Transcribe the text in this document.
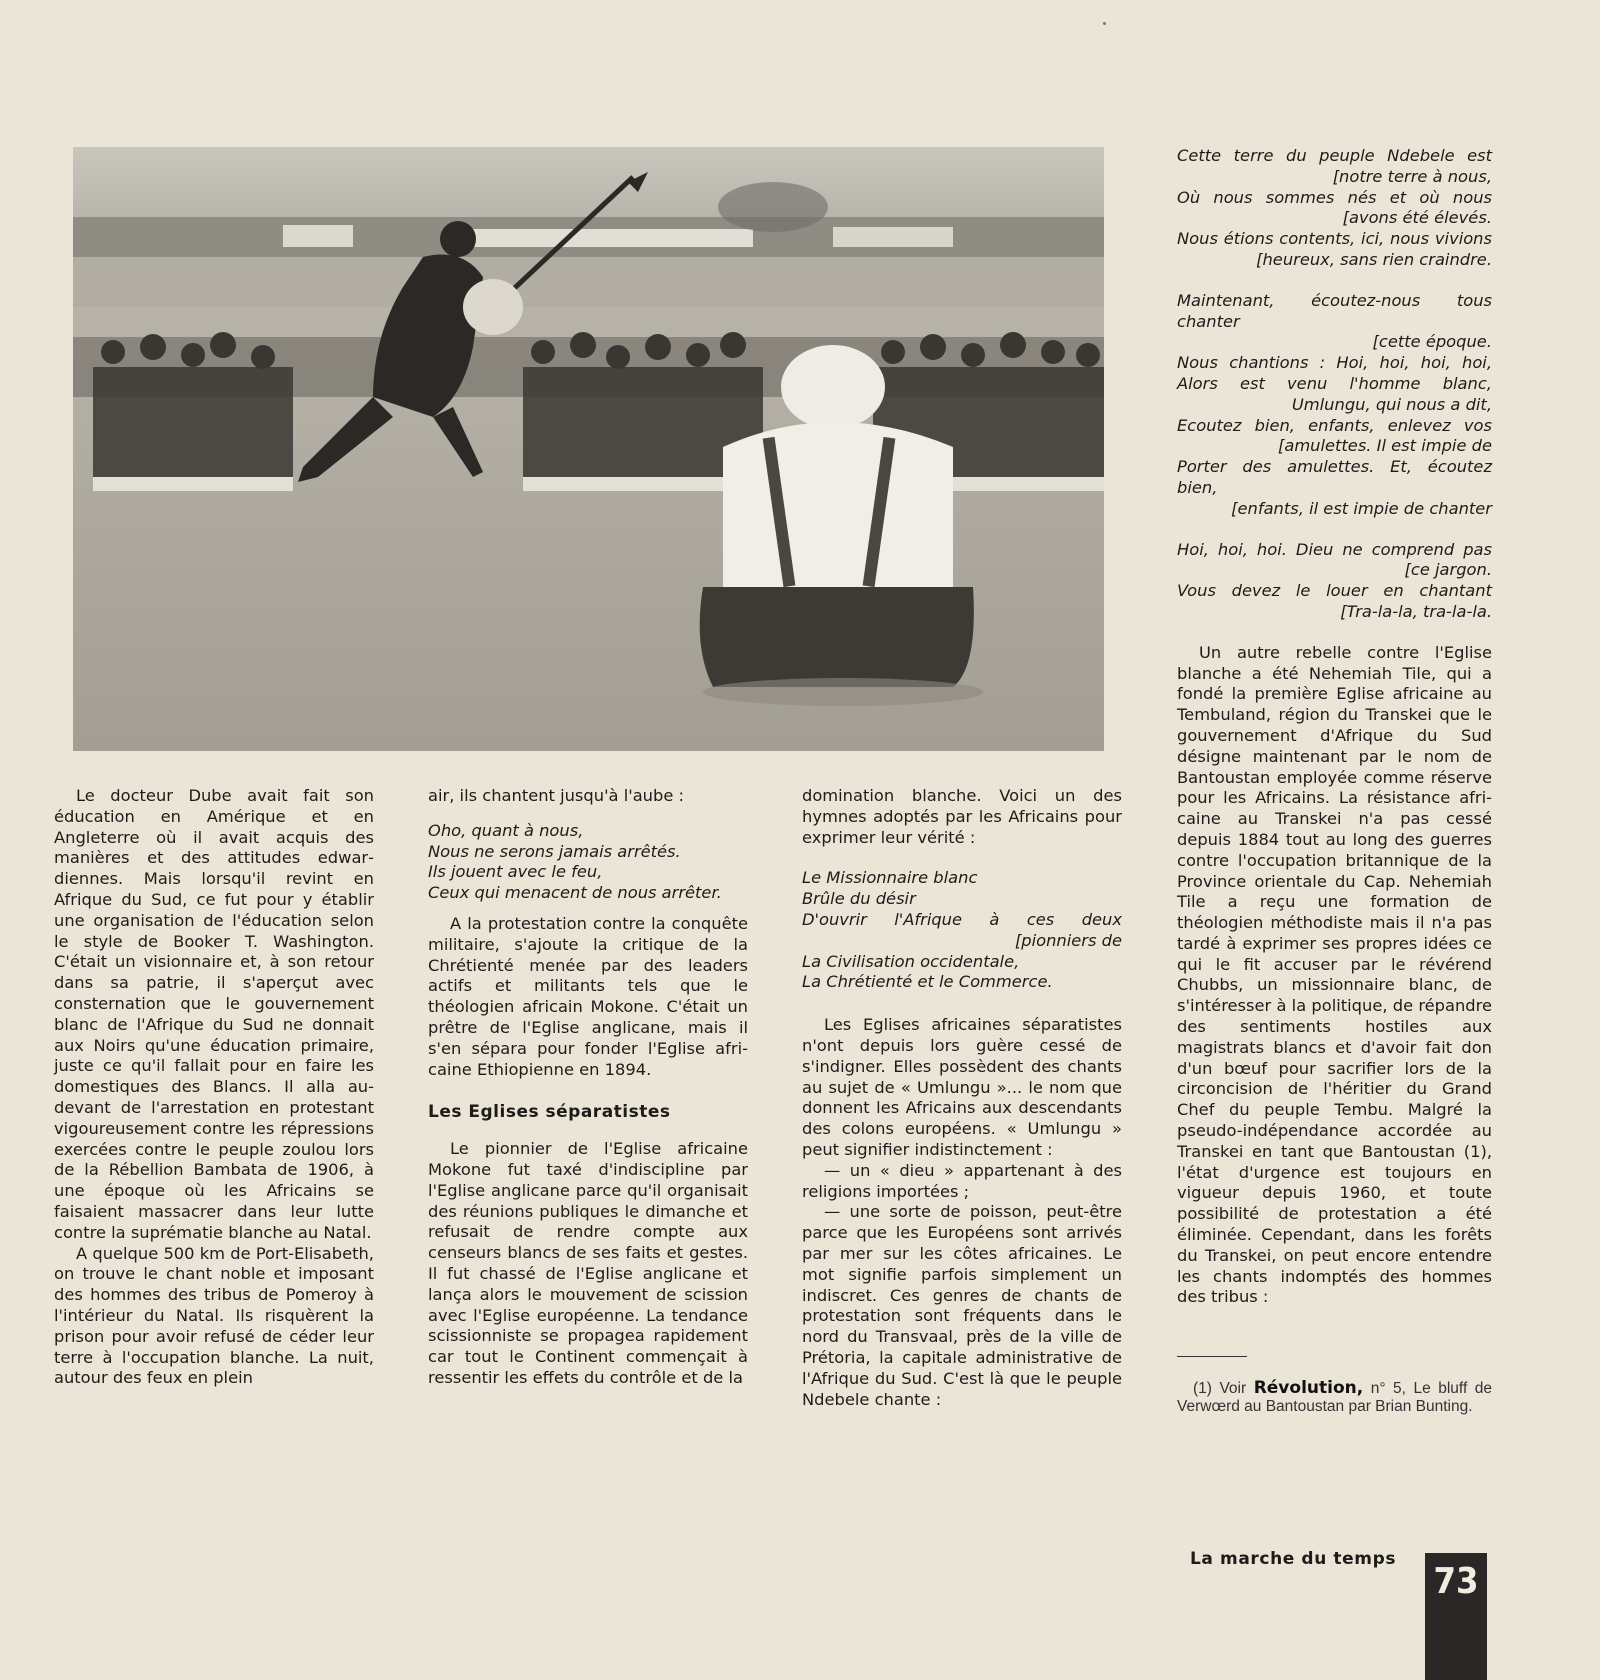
Le docteur Dube avait fait son éducation en Amérique et en Angleterre où il avait acquis des manières et des attitudes edwardiennes. Mais lorsqu'il revint en Afrique du Sud, ce fut pour y établir une organisation de l'éducation selon le style de Booker T. Washington. C'était un visionnaire et, à son retour dans sa patrie, il s'aperçut avec consternation que le gouvernement blanc de l'Afrique du Sud ne donnait aux Noirs qu'une éducation primaire, juste ce qu'il fallait pour en faire les domestiques des Blancs. Il alla au-devant de l'arrestation en protestant vigoureusement contre les répressions exercées contre le peuple zoulou lors de la Rébellion Bambata de 1906, à une époque où les Africains se faisaient massacrer dans leur lutte contre la suprématie blanche au Natal.

A quelque 500 km de Port-Elisabeth, on trouve le chant noble et imposant des hommes des tribus de Pomeroy à l'intérieur du Natal. Ils risquèrent la prison pour avoir refusé de céder leur terre à l'occupation blanche. La nuit, autour des feux en plein

air, ils chantent jusqu'à l'aube :

Oho, quant à nous,
Nous ne serons jamais arrêtés.
Ils jouent avec le feu,
Ceux qui menacent de nous arrêter.

A la protestation contre la conquête militaire, s'ajoute la critique de la Chrétienté menée par des leaders actifs et militants tels que le théologien africain Mokone. C'était un prêtre de l'Eglise anglicane, mais il s'en sépara pour fonder l'Eglise africaine Ethiopienne en 1894.

Les Eglises séparatistes

Le pionnier de l'Eglise africaine Mokone fut taxé d'indiscipline par l'Eglise anglicane parce qu'il organisait des réunions publiques le dimanche et refusait de rendre compte aux censeurs blancs de ses faits et gestes. Il fut chassé de l'Eglise anglicane et lança alors le mouvement de scission avec l'Eglise européenne. La tendance scissionniste se propagea rapidement car tout le Continent commençait à ressentir les effets du contrôle et de la

domination blanche. Voici un des hymnes adoptés par les Africains pour exprimer leur vérité :

Le Missionnaire blanc
Brûle du désir
D'ouvrir l'Afrique à ces deux
[pionniers de
La Civilisation occidentale,
La Chrétienté et le Commerce.

Les Eglises africaines séparatistes n'ont depuis lors guère cessé de s'indigner. Elles possèdent des chants au sujet de « Umlungu »... le nom que donnent les Africains aux descendants des colons européens. « Umlungu » peut signifier indistinctement :

— un « dieu » appartenant à des religions importées ;

— une sorte de poisson, peut-être parce que les Européens sont arrivés par mer sur les côtes africaines. Le mot signifie parfois simplement un indiscret. Ces genres de chants de protestation sont fréquents dans le nord du Transvaal, près de la ville de Prétoria, la capitale administrative de l'Afrique du Sud. C'est là que le peuple Ndebele chante :

Cette terre du peuple Ndebele est
[notre terre à nous,
Où nous sommes nés et où nous
[avons été élevés.
Nous étions contents, ici, nous vivions
[heureux, sans rien craindre.
Maintenant, écoutez-nous tous chanter
[cette époque.
Nous chantions : Hoi, hoi, hoi, hoi,
Alors est venu l'homme blanc,
Umlungu, qui nous a dit,
Ecoutez bien, enfants, enlevez vos
[amulettes. Il est impie de
Porter des amulettes. Et, écoutez bien,
[enfants, il est impie de chanter
Hoi, hoi, hoi. Dieu ne comprend pas
[ce jargon.
Vous devez le louer en chantant
[Tra-la-la, tra-la-la.

Un autre rebelle contre l'Eglise blanche a été Nehemiah Tile, qui a fondé la première Eglise africaine au Tembuland, région du Transkei que le gouvernement d'Afrique du Sud désigne maintenant par le nom de Bantoustan employée comme réserve pour les Africains. La résistance africaine au Transkei n'a pas cessé depuis 1884 tout au long des guerres contre l'occupation britannique de la Province orientale du Cap. Nehemiah Tile a reçu une formation de théologien méthodiste mais il n'a pas tardé à exprimer ses propres idées ce qui le fit accuser par le révérend Chubbs, un missionnaire blanc, de s'intéresser à la politique, de répandre des sentiments hostiles aux magistrats blancs et d'avoir fait don d'un bœuf pour sacrifier lors de la circoncision de l'héritier du Grand Chef du peuple Tembu. Malgré la pseudo-indépendance accordée au Transkei en tant que Bantoustan (1), l'état d'urgence est toujours en vigueur depuis 1960, et toute possibilité de protestation a été éliminée. Cependant, dans les forêts du Transkei, on peut encore entendre les chants indomptés des hommes des tribus :

(1) Voir Révolution, n° 5, Le bluff de Verwœrd au Bantoustan par Brian Bunting.

La marche du temps
73
